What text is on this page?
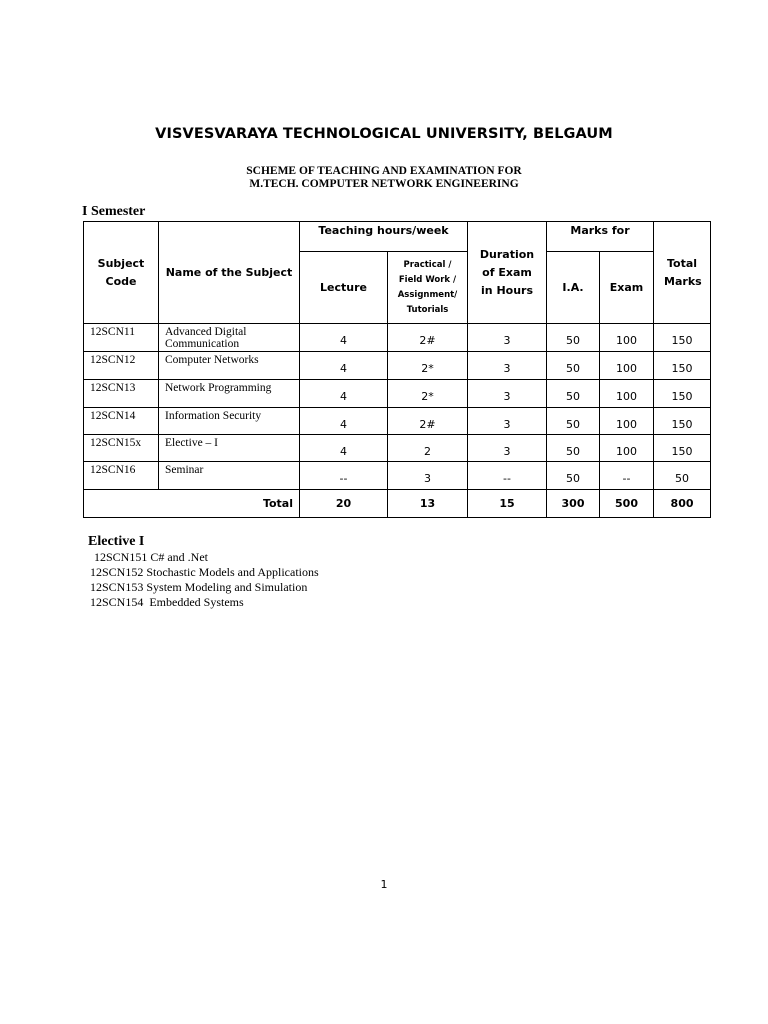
VISVESVARAYA TECHNOLOGICAL UNIVERSITY, BELGAUM
SCHEME OF TEACHING AND EXAMINATION FOR
M.TECH. COMPUTER NETWORK ENGINEERING
I Semester
Subject Code	Name of the Subject	Teaching hours/week		Duration of Exam in Hours	Marks for		Total Marks
		Lecture	Practical /
Field Work /
Assignment/
Tutorials		I.A.	Exam	
12SCN11	Advanced Digital Communication	4	2#	3	50	100	150
12SCN12	Computer Networks	4	2*	3	50	100	150
12SCN13	Network Programming	4	2*	3	50	100	150
12SCN14	Information Security	4	2#	3	50	100	150
12SCN15x	Elective – I	4	2	3	50	100	150
12SCN16	Seminar	--	3	--	50	--	50
Total		20	13	15	300	500	800
Elective I
12SCN151 C# and .Net
12SCN152 Stochastic Models and Applications
12SCN153 System Modeling and Simulation
12SCN154  Embedded Systems
1
